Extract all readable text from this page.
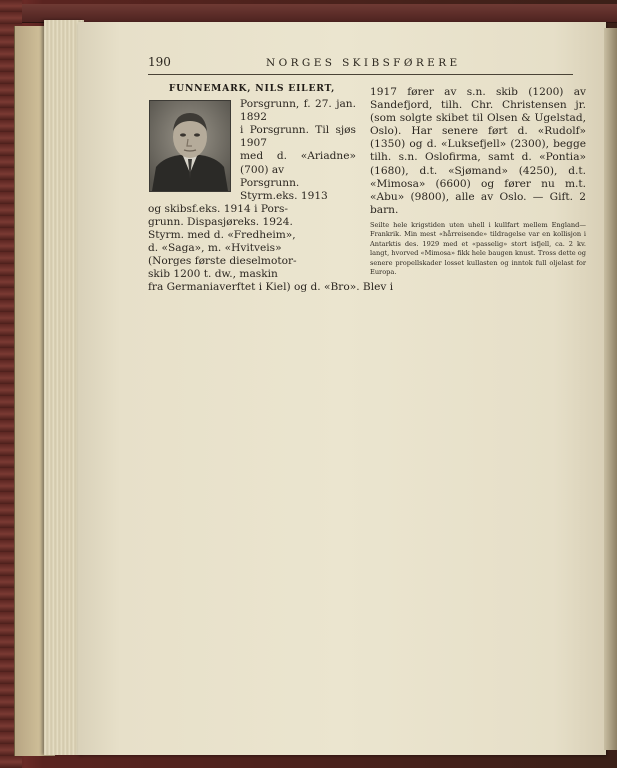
190	NORGES SKIBSFØRERE
FUNNEMARK, NILS EILERT,
Porsgrunn, f. 27. jan. 1892
i Porsgrunn. Til sjøs 1907
med d. «Ariadne» (700) av
Porsgrunn. Styrm.eks. 1913
og skibsf.eks. 1914 i Pors-
grunn. Dispasjøreks. 1924.
Styrm. med d. «Fredheim»,
d. «Saga», m. «Hvitveis»
(Norges første dieselmotor-
skib 1200 t. dw., maskin
fra Germaniaverftet i Kiel) og d. «Bro». Blev i

1917 fører av s.n. skib (1200) av Sandefjord, tilh. Chr. Christensen jr. (som solgte skibet til Olsen & Ugelstad, Oslo). Har senere ført d. «Rudolf» (1350) og d. «Luksefjell» (2300), begge tilh. s.n. Oslofirma, samt d. «Pontia» (1680), d.t. «Sjømand» (4250), d.t. «Mimosa» (6600) og fører nu m.t. «Abu» (9800), alle av Oslo. — Gift. 2 barn.

Seilte hele krigstiden uten uhell i kullfart mellem England—Frankrik. Min mest «hårreisende» tildragelse var en kollisjon i Antarktis des. 1929 med et «passelig» stort isfjell, ca. 2 kv. langt, hvorved «Mimosa» fikk hele baugen knust. Tross dette og senere propellskader losset kullasten og inntok full oljelast for Europa.
